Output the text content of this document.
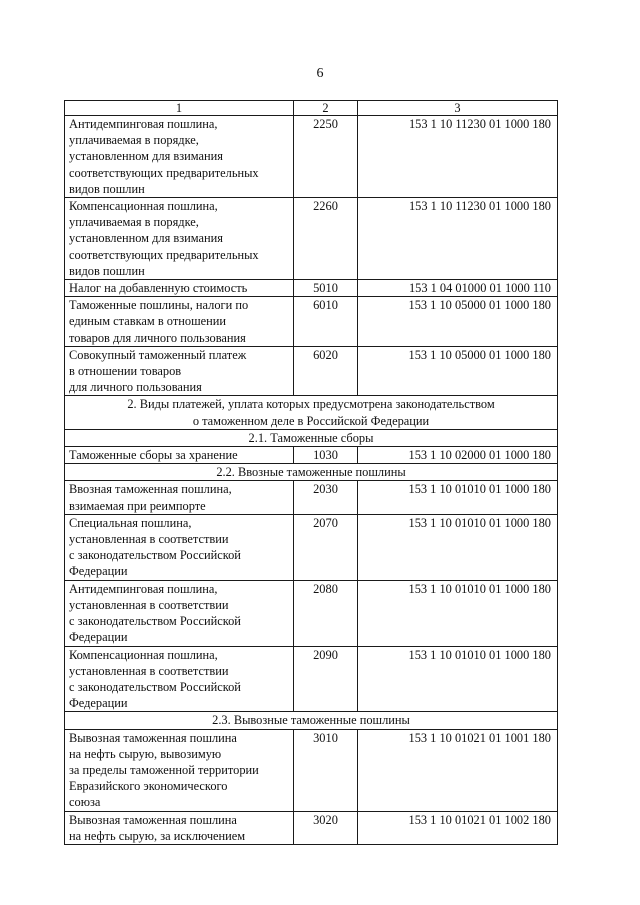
6
1	2	3

Антидемпинговая пошлина,
уплачиваемая в порядке,
установленном для взимания
соответствующих предварительных
видов пошлин	2250	153 1 10 11230 01 1000 180

Компенсационная пошлина,
уплачиваемая в порядке,
установленном для взимания
соответствующих предварительных
видов пошлин	2260	153 1 10 11230 01 1000 180

Налог на добавленную стоимость	5010	153 1 04 01000 01 1000 110

Таможенные пошлины, налоги по
единым ставкам в отношении
товаров для личного пользования	6010	153 1 10 05000 01 1000 180

Совокупный таможенный платеж
в отношении товаров
для личного пользования	6020	153 1 10 05000 01 1000 180

2. Виды платежей, уплата которых предусмотрена законодательством
о таможенном деле в Российской Федерации		

2.1. Таможенные сборы		

Таможенные сборы за хранение	1030	153 1 10 02000 01 1000 180

2.2. Ввозные таможенные пошлины		

Ввозная таможенная пошлина,
взимаемая при реимпорте	2030	153 1 10 01010 01 1000 180

Специальная пошлина,
установленная в соответствии
с законодательством Российской
Федерации	2070	153 1 10 01010 01 1000 180

Антидемпинговая пошлина,
установленная в соответствии
с законодательством Российской
Федерации	2080	153 1 10 01010 01 1000 180

Компенсационная пошлина,
установленная в соответствии
с законодательством Российской
Федерации	2090	153 1 10 01010 01 1000 180

2.3. Вывозные таможенные пошлины		

Вывозная таможенная пошлина
на нефть сырую, вывозимую
за пределы таможенной территории
Евразийского экономического
союза	3010	153 1 10 01021 01 1001 180

Вывозная таможенная пошлина
на нефть сырую, за исключением	3020	153 1 10 01021 01 1002 180
